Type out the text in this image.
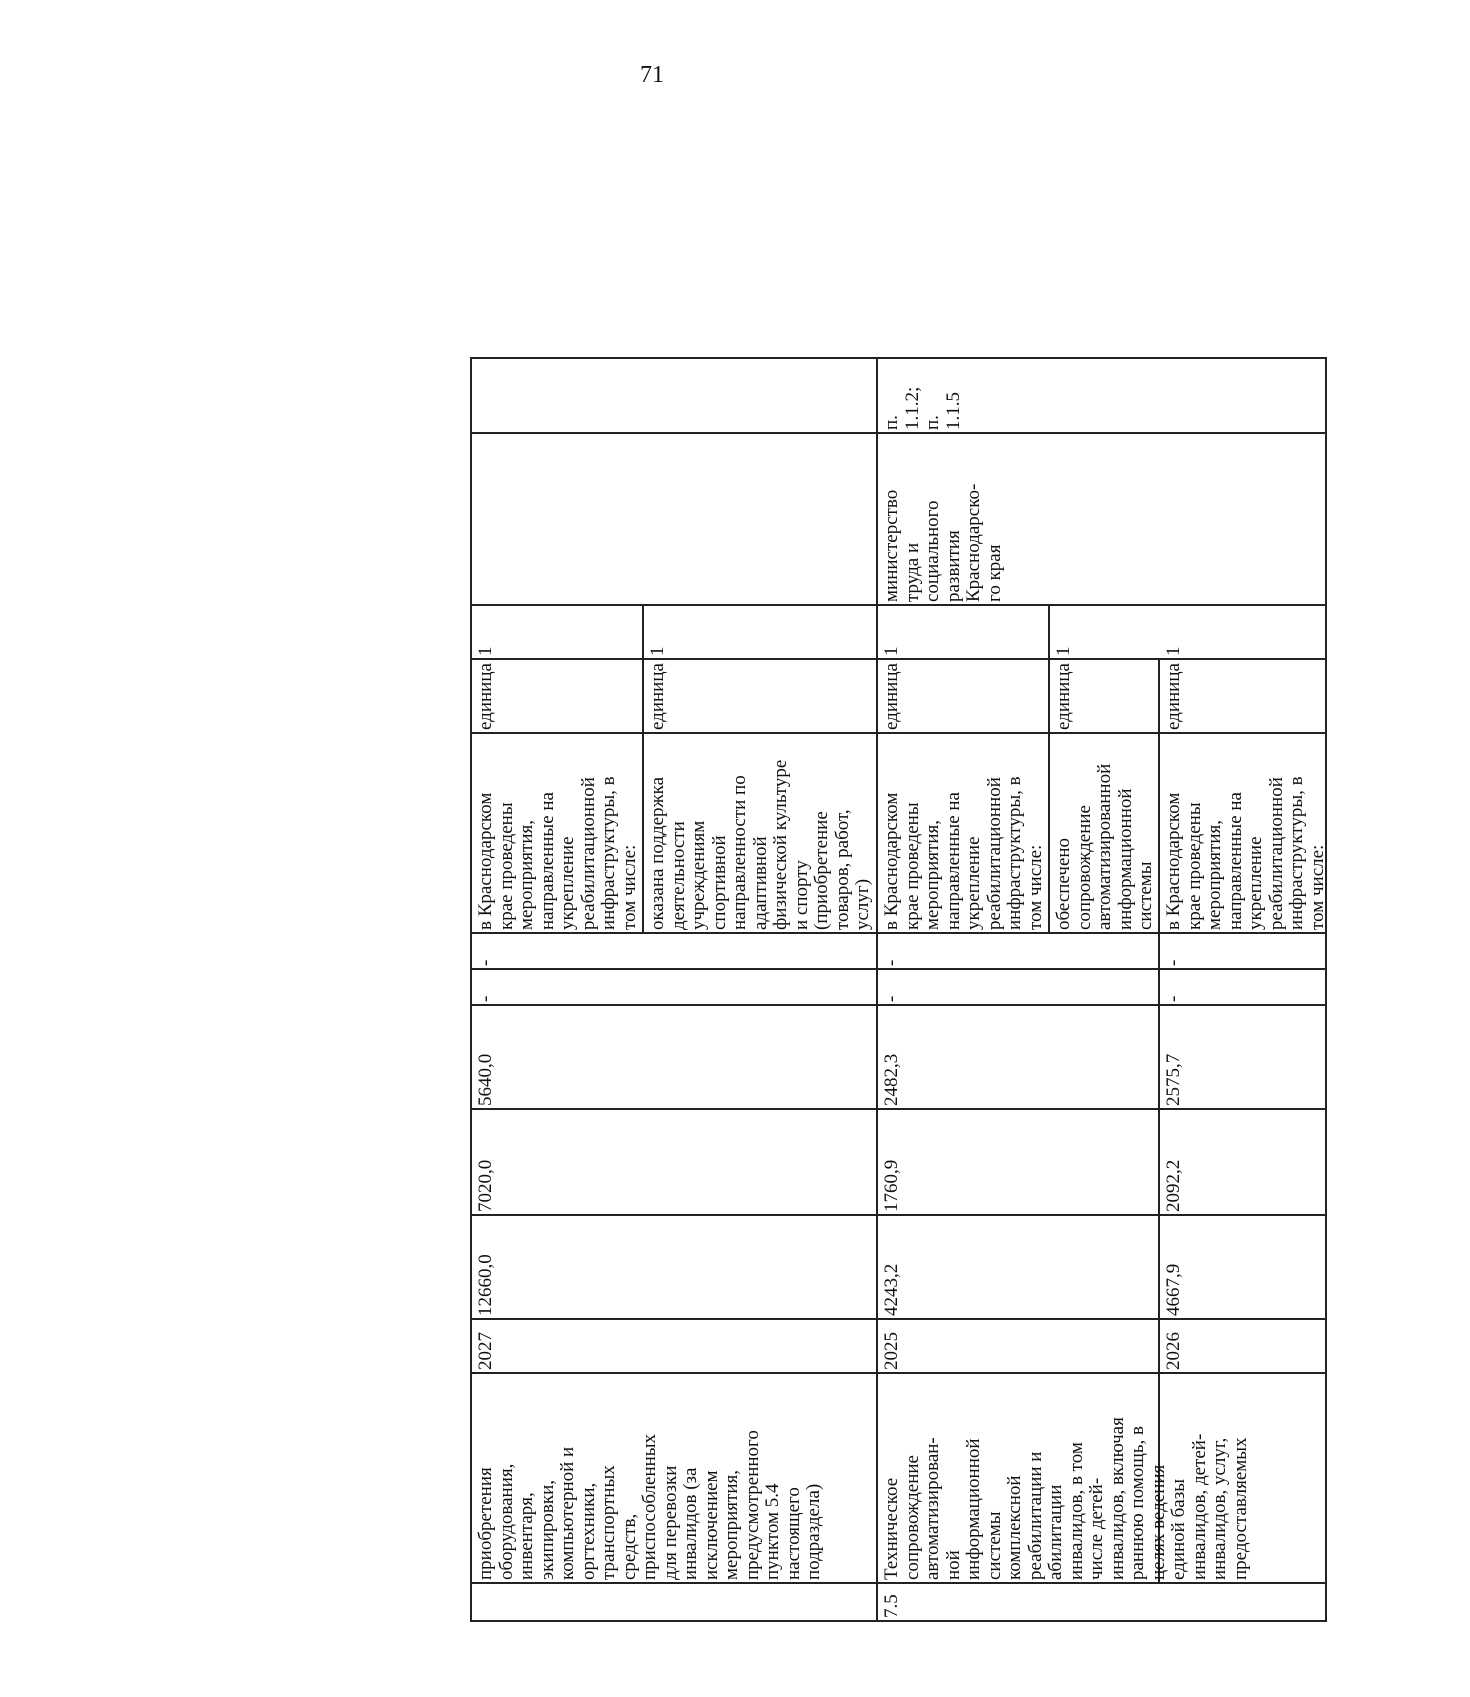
71
приобретения
оборудования,
инвентаря,
экипировки,
компьютерной и
оргтехники,
транспортных
средств,
приспособленных
для перевозки
инвалидов (за
исключением
мероприятия,
предусмотренного
пунктом 5.4
настоящего
подраздела)
2027
12660,0
7020,0
5640,0
-
-
в Краснодарском
крае проведены
мероприятия,
направленные на
укрепление
реабилитационной
инфраструктуры, в
том числе:
единица
1
оказана поддержка
деятельности
учреждениям
спортивной
направленности по
адаптивной
физической культуре
и спорту
(приобретение
товаров, работ,
услуг)
единица
1
7.5
Техническое
сопровождение
автоматизирован-
ной
информационной
системы
комплексной
реабилитации и
абилитации
инвалидов, в том
числе детей-
инвалидов, включая
раннюю помощь, в
целях ведения
единой базы
инвалидов, детей-
инвалидов, услуг,
предоставляемых
2025
4243,2
1760,9
2482,3
-
-
в Краснодарском
крае проведены
мероприятия,
направленные на
укрепление
реабилитационной
инфраструктуры, в
том числе:
единица
1
обеспечено
сопровождение
автоматизированной
информационной
системы
единица
1
министерство
труда и
социального
развития
Краснодарско-
го края
п.
1.1.2;
п.
1.1.5
2026
4667,9
2092,2
2575,7
-
-
в Краснодарском
крае проведены
мероприятия,
направленные на
укрепление
реабилитационной
инфраструктуры, в
том числе:
единица
1
